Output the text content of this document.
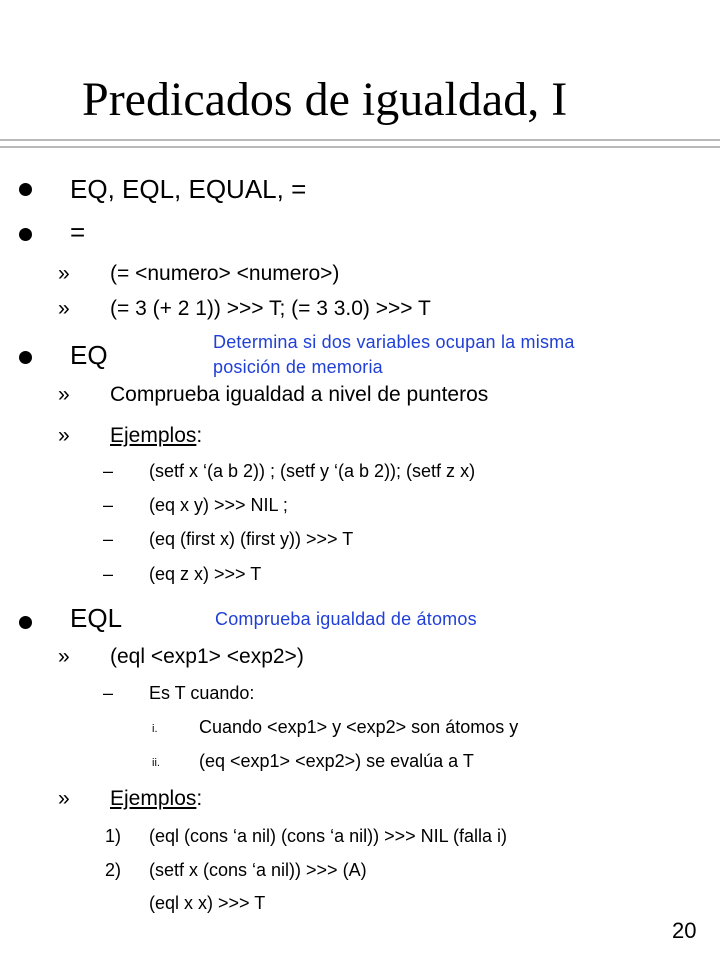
Predicados de igualdad, I
EQ, EQL, EQUAL, =
=
» (= <numero> <numero>)
» (= 3 (+ 2 1)) >>> T; (= 3 3.0) >>> T
EQ	Determina si dos variables ocupan la misma
posición de memoria
» Comprueba igualdad a nivel de punteros
» Ejemplos:
– (setf x ‘(a b 2)) ; (setf y ‘(a b 2)); (setf z x)
– (eq x y) >>> NIL ;
– (eq (first x) (first y)) >>> T
– (eq z x) >>> T
EQL	Comprueba igualdad de átomos
» (eql <exp1> <exp2>)
– Es T cuando:
i. Cuando <exp1> y <exp2> son átomos y
ii. (eq <exp1> <exp2>) se evalúa a T
» Ejemplos:
1) (eql (cons ‘a nil) (cons ‘a nil)) >>> NIL (falla i)
2) (setf x (cons ‘a nil)) >>> (A)
(eql x x) >>> T
20
